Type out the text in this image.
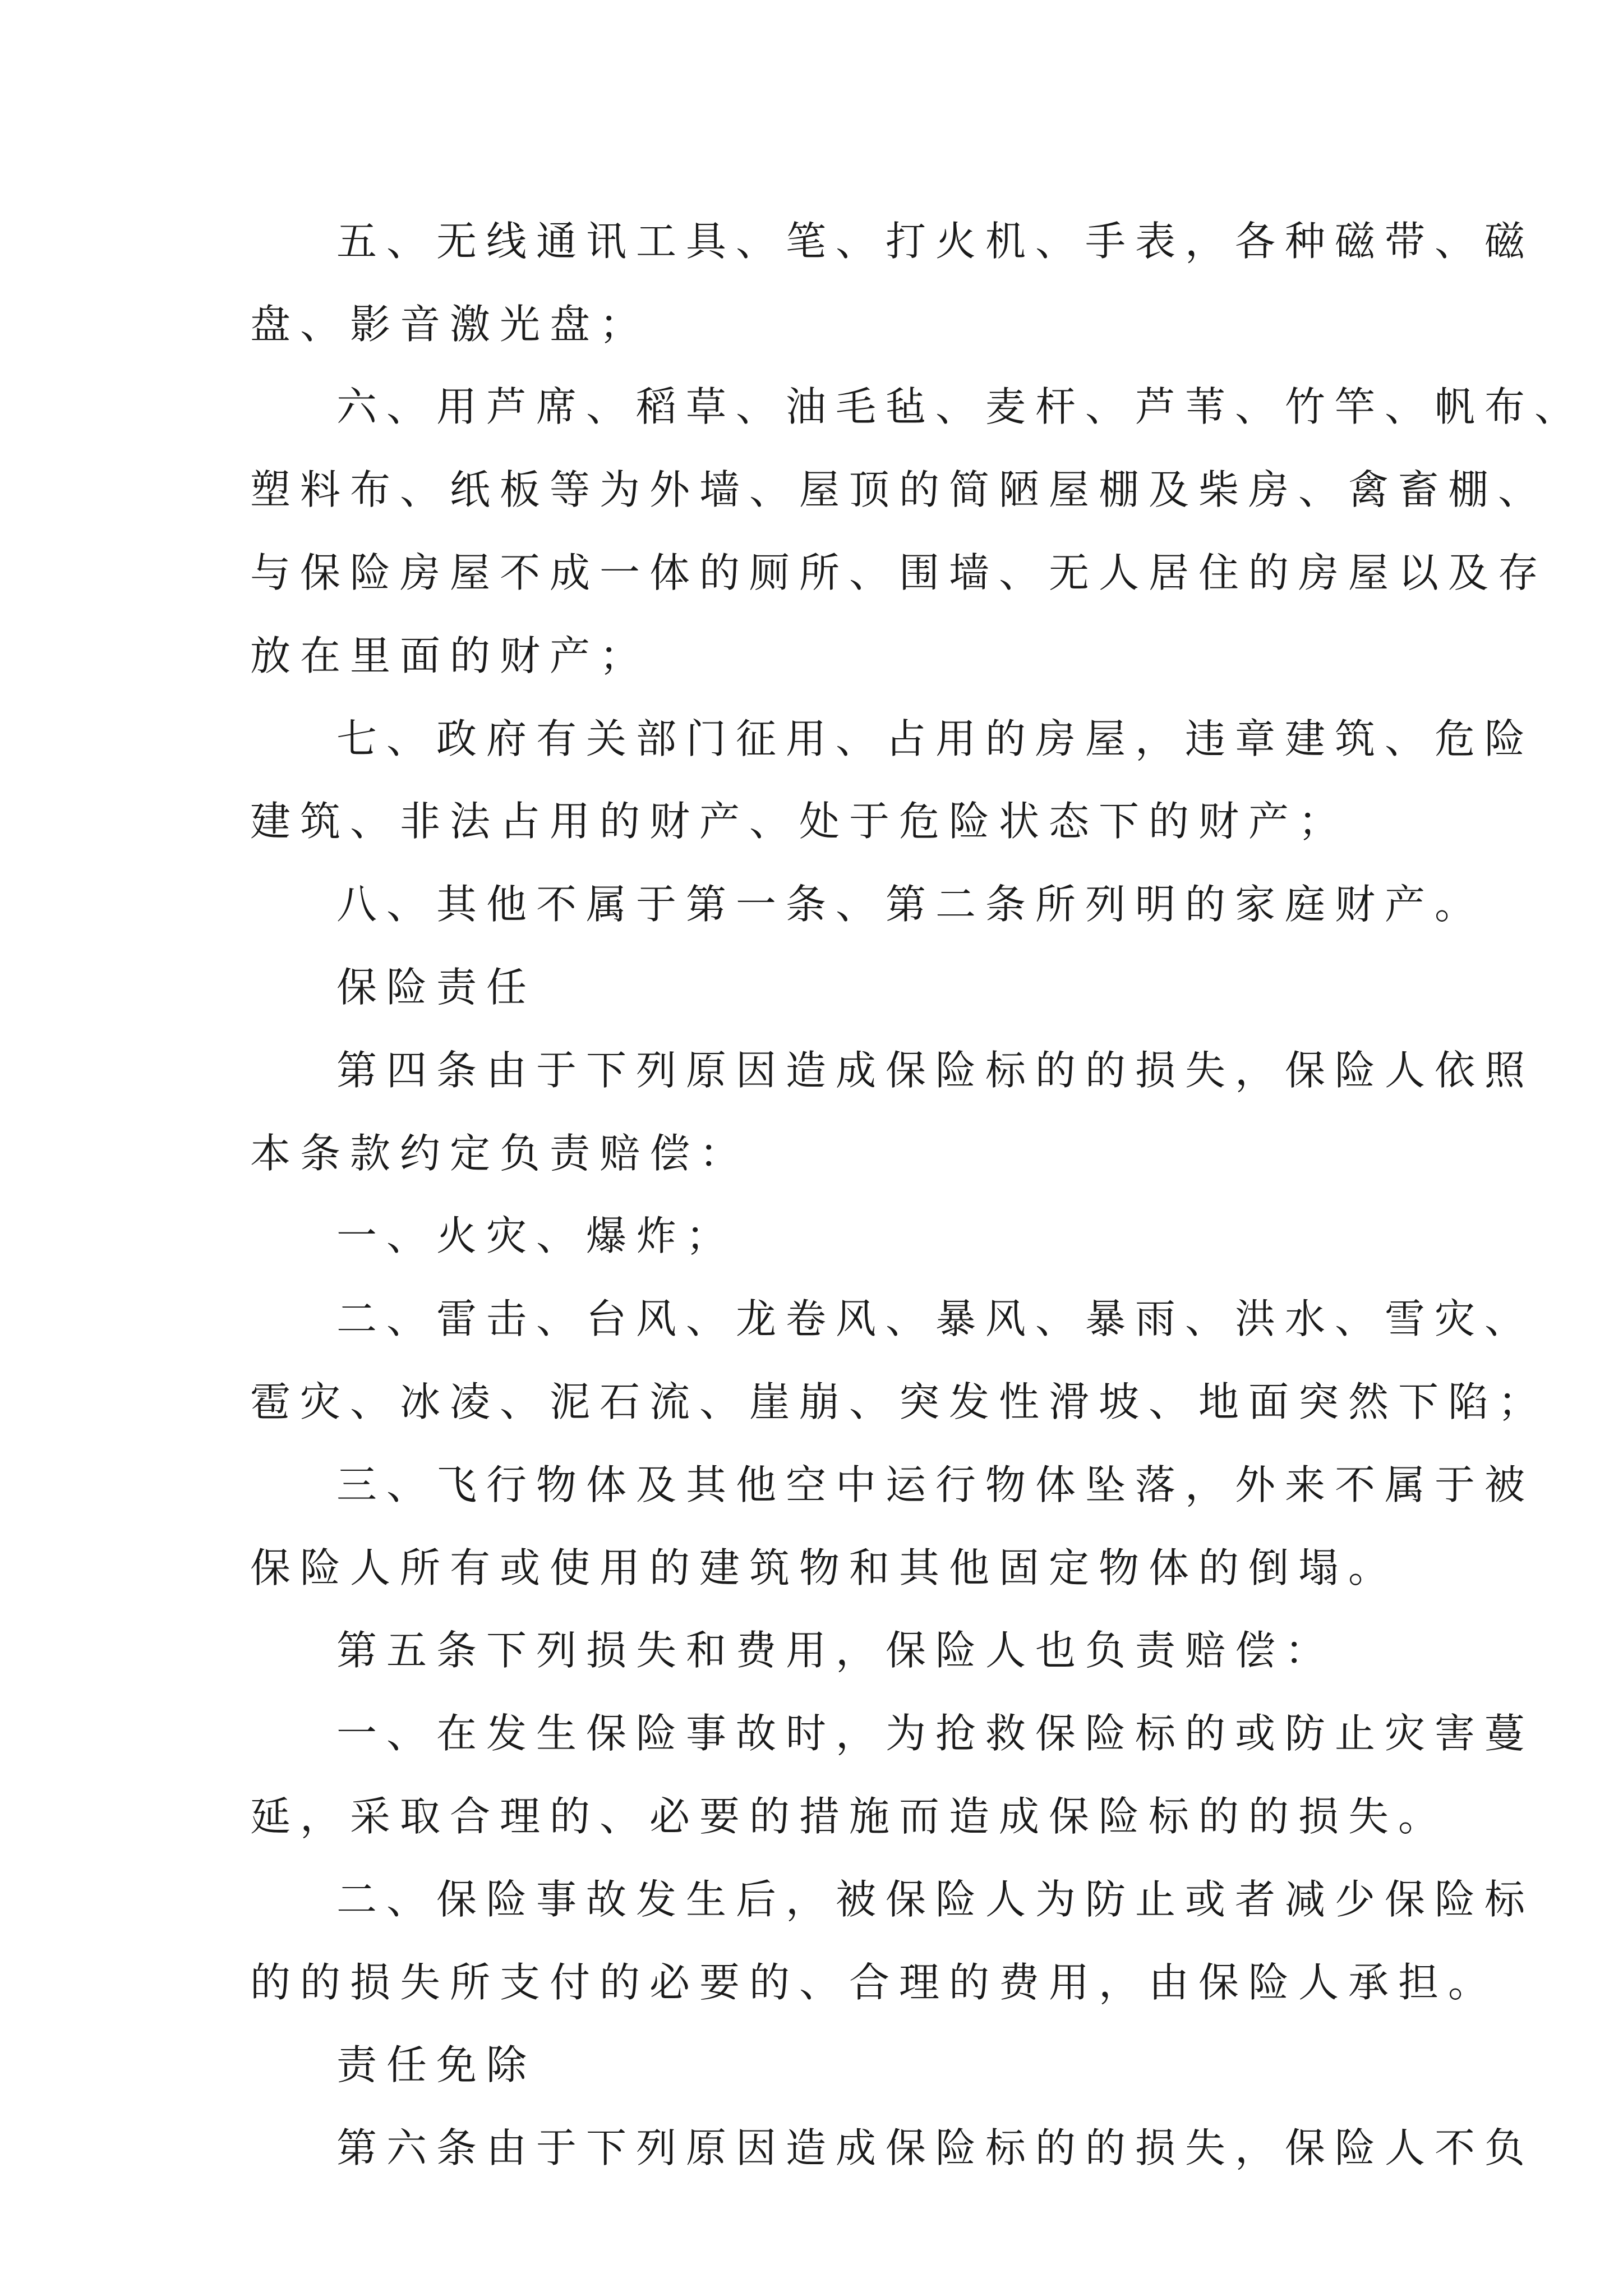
五、无线通讯工具、笔、打火机、手表，各种磁带、磁
盘、影音激光盘；
六、用芦席、稻草、油毛毡、麦杆、芦苇、竹竿、帆布、
塑料布、纸板等为外墙、屋顶的简陋屋棚及柴房、禽畜棚、
与保险房屋不成一体的厕所、围墙、无人居住的房屋以及存
放在里面的财产；
七、政府有关部门征用、占用的房屋，违章建筑、危险
建筑、非法占用的财产、处于危险状态下的财产；
八、其他不属于第一条、第二条所列明的家庭财产。
保险责任
第四条由于下列原因造成保险标的的损失，保险人依照
本条款约定负责赔偿：
一、火灾、爆炸；
二、雷击、台风、龙卷风、暴风、暴雨、洪水、雪灾、
雹灾、冰凌、泥石流、崖崩、突发性滑坡、地面突然下陷；
三、飞行物体及其他空中运行物体坠落，外来不属于被
保险人所有或使用的建筑物和其他固定物体的倒塌。
第五条下列损失和费用，保险人也负责赔偿：
一、在发生保险事故时，为抢救保险标的或防止灾害蔓
延，采取合理的、必要的措施而造成保险标的的损失。
二、保险事故发生后，被保险人为防止或者减少保险标
的的损失所支付的必要的、合理的费用，由保险人承担。
责任免除
第六条由于下列原因造成保险标的的损失，保险人不负
